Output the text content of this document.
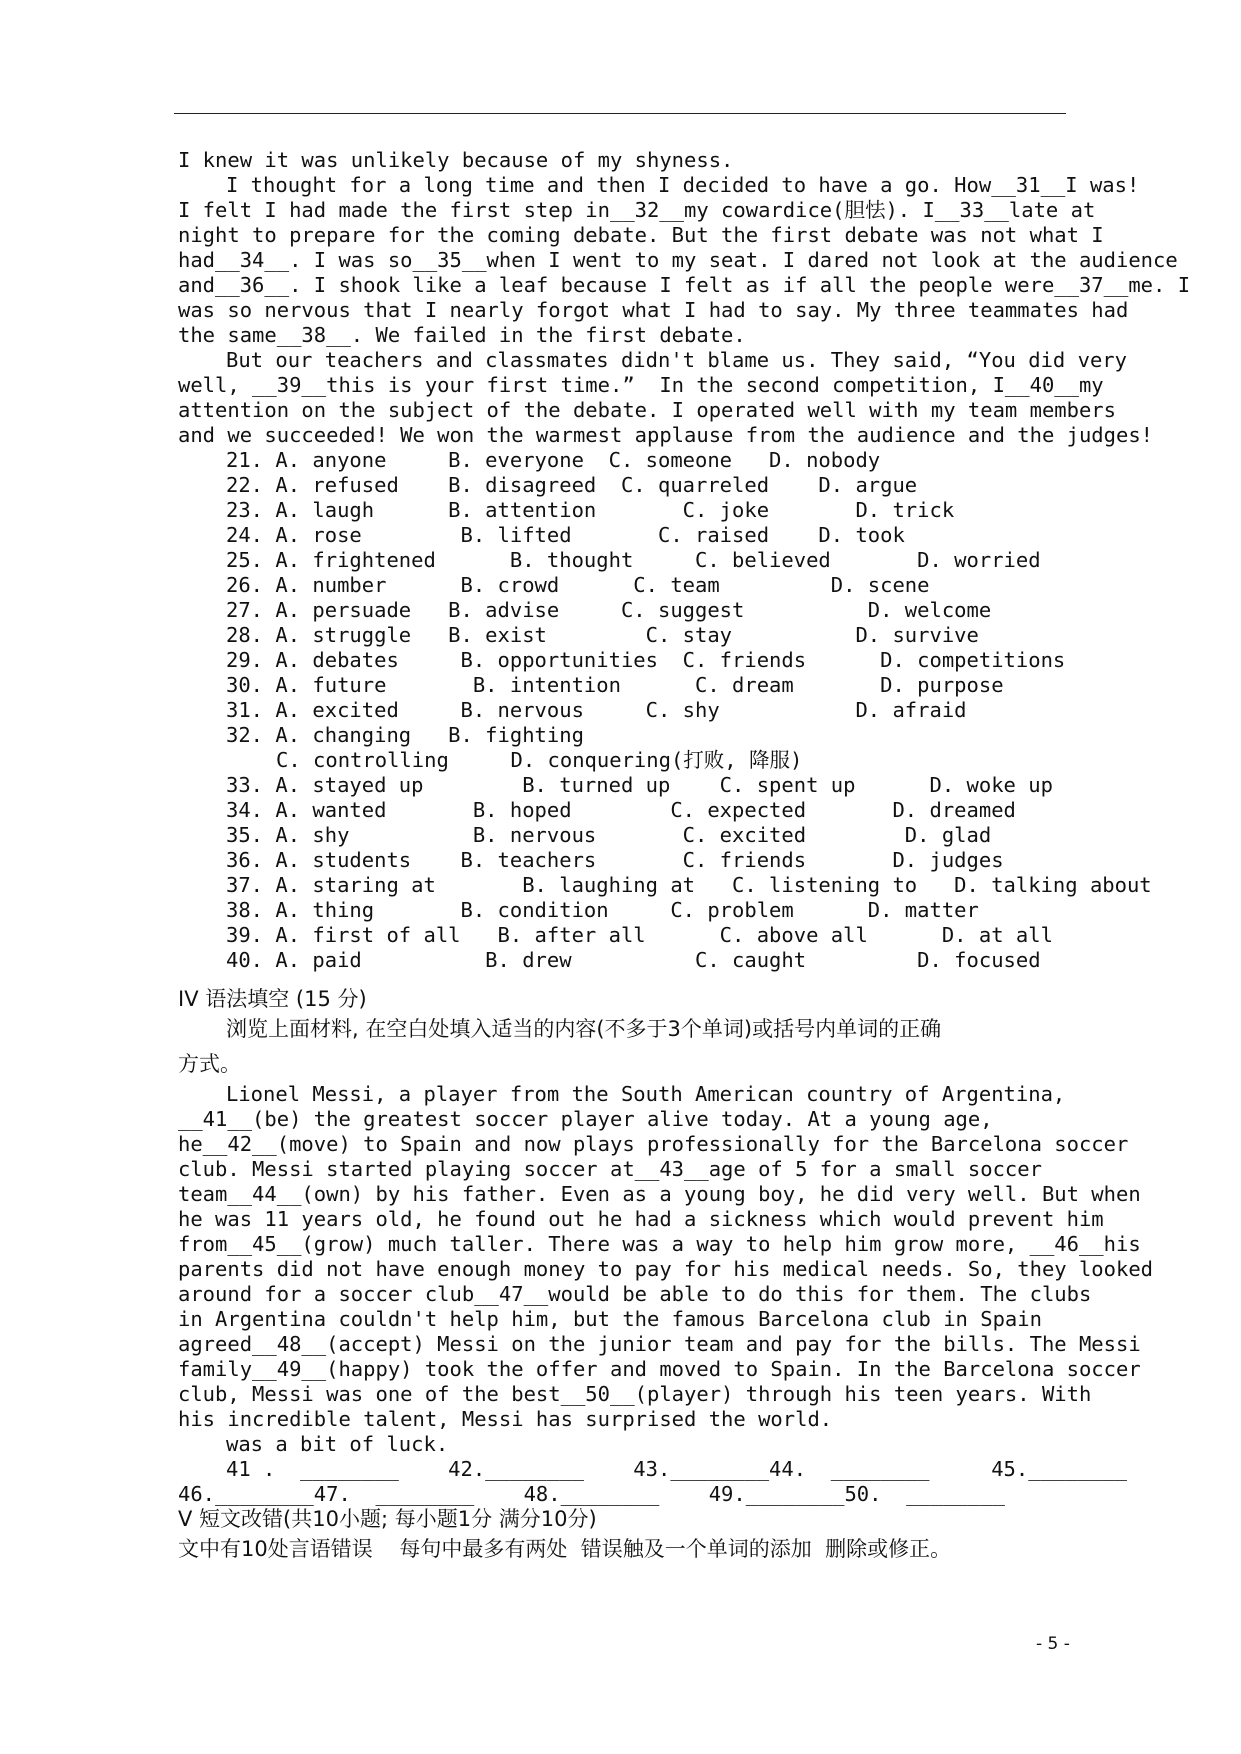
I knew it was unlikely because of my shyness.
I thought for a long time and then I decided to have a go. How__31__I was!
I felt I had made the first step in__32__my cowardice(胆怯). I__33__late at
night to prepare for the coming debate. But the first debate was not what I
had__34__. I was so__35__when I went to my seat. I dared not look at the audience
and__36__. I shook like a leaf because I felt as if all the people were__37__me. I
was so nervous that I nearly forgot what I had to say. My three teammates had
the same__38__. We failed in the first debate.
But our teachers and classmates didn't blame us. They said, “You did very
well, __39__this is your first time.”  In the second competition, I__40__my
attention on the subject of the debate. I operated well with my team members
and we succeeded! We won the warmest applause from the audience and the judges!
21. A. anyone     B. everyone  C. someone   D. nobody
22. A. refused    B. disagreed  C. quarreled    D. argue
23. A. laugh      B. attention       C. joke       D. trick
24. A. rose        B. lifted       C. raised    D. took
25. A. frightened      B. thought     C. believed       D. worried
26. A. number      B. crowd      C. team         D. scene
27. A. persuade   B. advise     C. suggest          D. welcome
28. A. struggle   B. exist        C. stay          D. survive
29. A. debates     B. opportunities  C. friends      D. competitions
30. A. future       B. intention      C. dream       D. purpose
31. A. excited     B. nervous     C. shy           D. afraid
32. A. changing   B. fighting
C. controlling     D. conquering(打败, 降服)
33. A. stayed up        B. turned up    C. spent up      D. woke up
34. A. wanted       B. hoped        C. expected       D. dreamed
35. A. shy          B. nervous       C. excited        D. glad
36. A. students    B. teachers       C. friends       D. judges
37. A. staring at       B. laughing at   C. listening to   D. talking about
38. A. thing       B. condition     C. problem      D. matter
39. A. first of all   B. after all      C. above all      D. at all
40. A. paid          B. drew          C. caught         D. focused
IV 语法填空 (15 分)
浏览上面材料, 在空白处填入适当的内容(不多于3个单词)或括号内单词的正确
方式。
Lionel Messi, a player from the South American country of Argentina,
__41__(be) the greatest soccer player alive today. At a young age,
he__42__(move) to Spain and now plays professionally for the Barcelona soccer
club. Messi started playing soccer at__43__age of 5 for a small soccer
team__44__(own) by his father. Even as a young boy, he did very well. But when
he was 11 years old, he found out he had a sickness which would prevent him
from__45__(grow) much taller. There was a way to help him grow more, __46__his
parents did not have enough money to pay for his medical needs. So, they looked
around for a soccer club__47__would be able to do this for them. The clubs
in Argentina couldn't help him, but the famous Barcelona club in Spain
agreed__48__(accept) Messi on the junior team and pay for the bills. The Messi
family__49__(happy) took the offer and moved to Spain. In the Barcelona soccer
club, Messi was one of the best__50__(player) through his teen years. With
his incredible talent, Messi has surprised the world.
was a bit of luck.
41 .  ________    42.________    43.________44.  ________     45.________
46.________47.  ________    48.________    49.________50.  ________
V 短文改错(共10小题; 每小题1分 满分10分)
文中有10处言语错误    每句中最多有两处  错误触及一个单词的添加  删除或修正。
- 5 -
